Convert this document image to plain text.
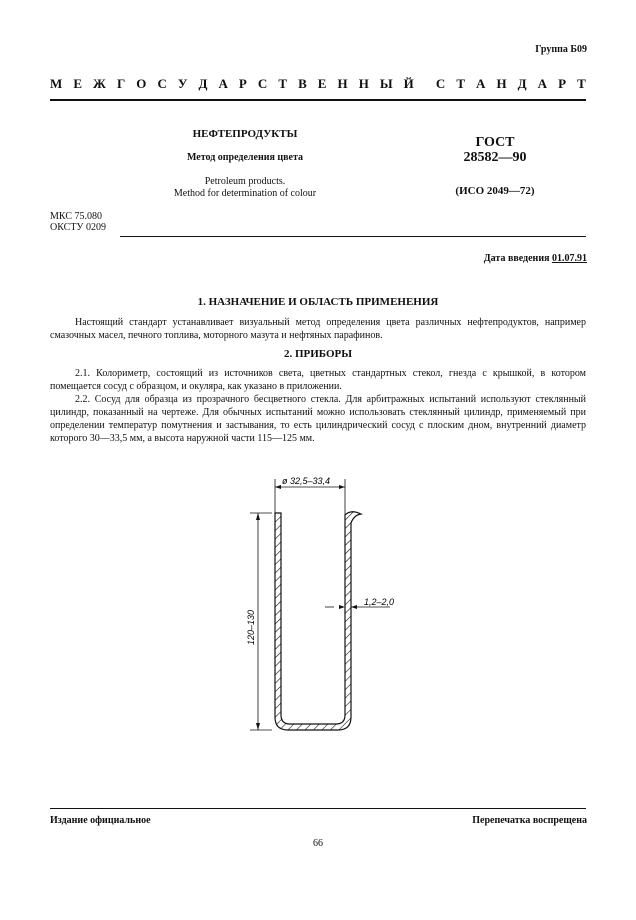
Группа Б09
М Е Ж Г О С У Д А Р С Т В Е Н Н Ы Й С Т А Н Д А Р Т
НЕФТЕПРОДУКТЫ
Метод определения цвета
Petroleum products.
Method for determination of colour
ГОСТ
28582—90
(ИСО 2049—72)
МКС 75.080
ОКСТУ 0209
Дата введения 01.07.91
1. НАЗНАЧЕНИЕ И ОБЛАСТЬ ПРИМЕНЕНИЯ

Настоящий стандарт устанавливает визуальный метод определения цвета различных нефтепродуктов, например смазочных масел, печного топлива, моторного мазута и нефтяных парафинов.

2. ПРИБОРЫ

2.1. Колориметр, состоящий из источников света, цветных стандартных стекол, гнезда с крышкой, в котором помещается сосуд с образцом, и окуляра, как указано в приложении.

2.2. Сосуд для образца из прозрачного бесцветного стекла. Для арбитражных испытаний используют стеклянный цилиндр, показанный на чертеже. Для обычных испытаний можно использовать стеклянный цилиндр, применяемый при определении температур помутнения и застывания, то есть цилиндрический сосуд с плоским дном, внутренний диаметр которого 30—33,5 мм, а высота наружной части 115—125 мм.

ø 32,5–33,4
120–130
1,2–2,0
Издание официальное	Перепечатка воспрещена
66
